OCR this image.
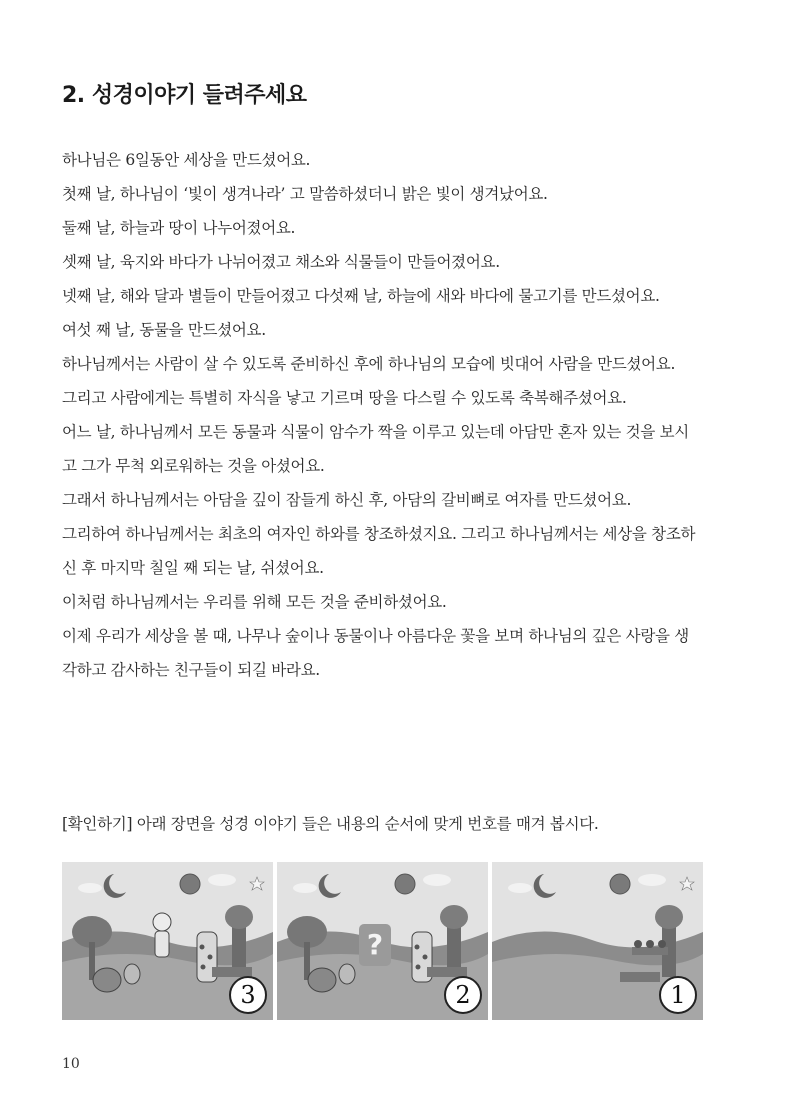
2. 성경이야기 들려주세요
하나님은 6일동안 세상을 만드셨어요.
첫째 날, 하나님이 ‘빛이 생겨나라’ 고 말씀하셨더니 밝은 빛이 생겨났어요.
둘째 날, 하늘과 땅이 나누어졌어요.
셋째 날, 육지와 바다가 나뉘어졌고 채소와 식물들이 만들어졌어요.
넷째 날, 해와 달과 별들이 만들어졌고 다섯째 날, 하늘에 새와 바다에 물고기를 만드셨어요.
여섯 째 날, 동물을 만드셨어요.
하나님께서는 사람이 살 수 있도록 준비하신 후에 하나님의 모습에 빗대어 사람을 만드셨어요.
그리고 사람에게는 특별히 자식을 낳고 기르며 땅을 다스릴 수 있도록 축복해주셨어요.
어느 날, 하나님께서 모든 동물과 식물이 암수가 짝을 이루고 있는데 아담만 혼자 있는 것을 보시
고 그가 무척 외로워하는 것을 아셨어요.
그래서 하나님께서는 아담을 깊이 잠들게 하신 후, 아담의 갈비뼈로 여자를 만드셨어요.
그리하여 하나님께서는 최초의 여자인 하와를 창조하셨지요. 그리고 하나님께서는 세상을 창조하
신 후 마지막 칠일 째 되는 날, 쉬셨어요.
이처럼 하나님께서는 우리를 위해 모든 것을 준비하셨어요.
이제 우리가 세상을 볼 때, 나무나 숲이나 동물이나 아름다운 꽃을 보며 하나님의 깊은 사랑을 생
각하고 감사하는 친구들이 되길 바라요.
[확인하기] 아래 장면을 성경 이야기 들은 내용의 순서에 맞게 번호를 매겨 봅시다.
3
?
2	1
10
